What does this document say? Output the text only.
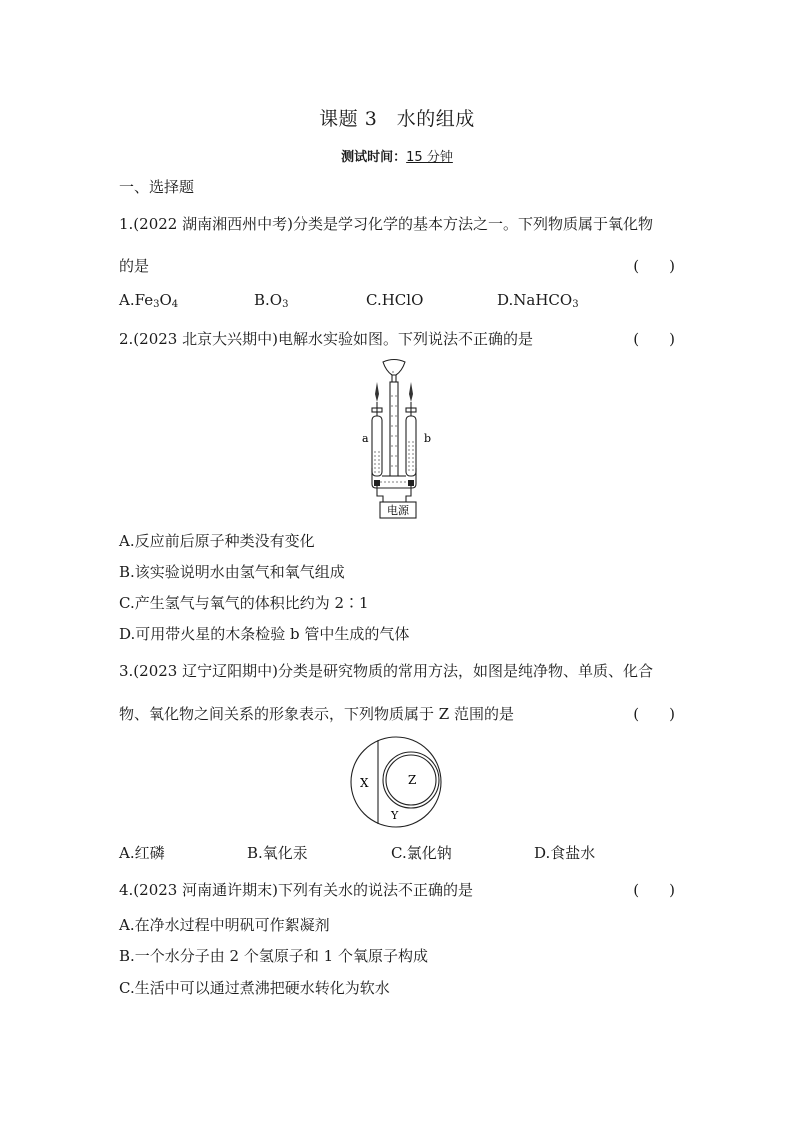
课题 3　水的组成
测试时间：15 分钟
一、选择题
1.(2022 湖南湘西州中考)分类是学习化学的基本方法之一。下列物质属于氧化物
的是	(　　)
$A.Fe_3O_4$	$B.O_3$	C.HClO	D.NaHCO$_3$
2.(2023 北京大兴期中)电解水实验如图。下列说法不正确的是	(　　)
a	b
电源
A.反应前后原子种类没有变化
B.该实验说明水由氢气和氧气组成
C.产生氢气与氧气的体积比约为 2∶1
D.可用带火星的木条检验 b 管中生成的气体
3.(2023 辽宁辽阳期中)分类是研究物质的常用方法，如图是纯净物、单质、化合
物、氧化物之间关系的形象表示，下列物质属于 Z 范围的是	(　　)
X	Z
Y
A.红磷	B.氧化汞	C.氯化钠	D.食盐水
4.(2023 河南通许期末)下列有关水的说法不正确的是	(　　)
A.在净水过程中明矾可作絮凝剂
B.一个水分子由 2 个氢原子和 1 个氧原子构成
C.生活中可以通过煮沸把硬水转化为软水
